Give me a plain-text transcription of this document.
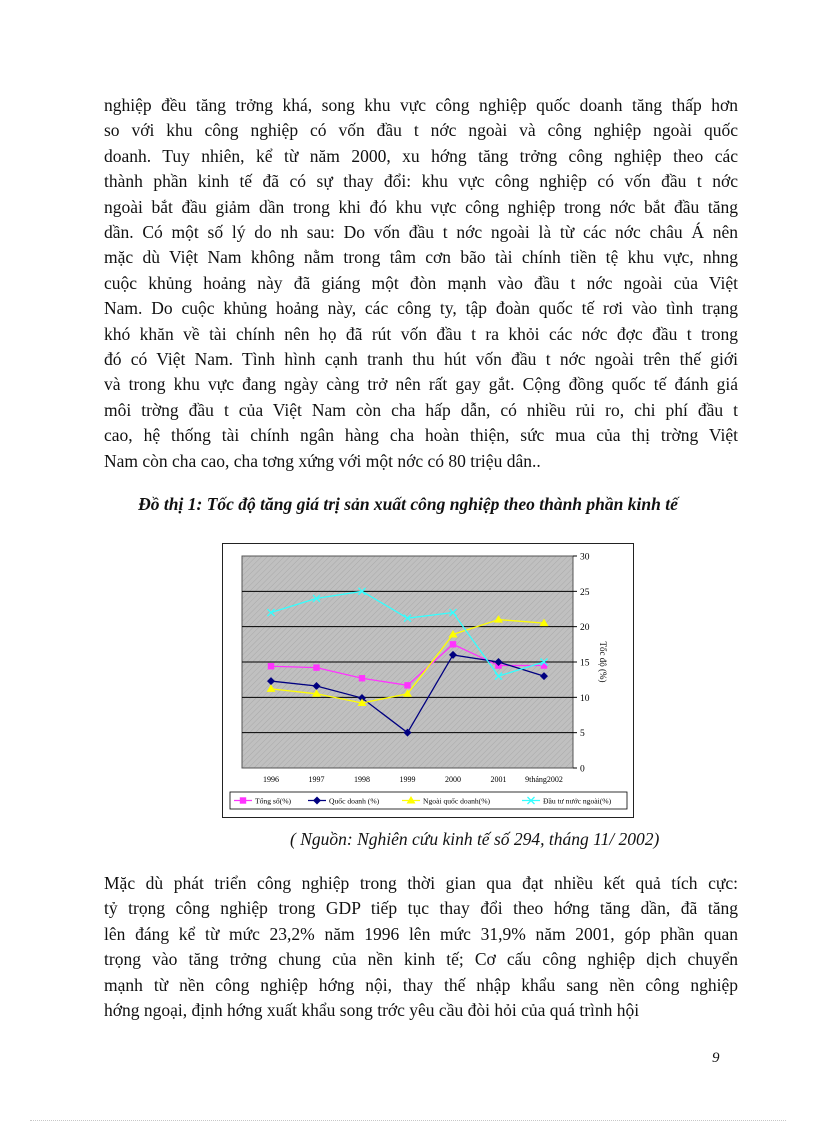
nghiệp đều tăng trởng khá, song khu vực công nghiệp quốc doanh tăng thấp hơn
so với khu công nghiệp có vốn đầu t nớc ngoài và công nghiệp ngoài quốc
doanh. Tuy nhiên, kể từ năm 2000, xu hớng tăng trởng công nghiệp theo các
thành phần kinh tế đã có sự thay đổi: khu vực công nghiệp có vốn đầu t nớc
ngoài bắt đầu giảm dần trong khi đó khu vực công nghiệp trong nớc bắt đầu tăng
dần. Có một số lý do nh sau: Do vốn đầu t nớc ngoài là từ các nớc châu Á nên
mặc dù Việt Nam không nằm trong tâm cơn bão tài chính tiền tệ khu vực, nhng
cuộc khủng hoảng này đã giáng một đòn mạnh vào đầu t nớc ngoài của Việt
Nam. Do cuộc khủng hoảng này, các công ty, tập đoàn quốc tế rơi vào tình trạng
khó khăn về tài chính nên họ đã rút vốn đầu t ra khỏi các nớc đợc đầu t trong
đó có Việt Nam. Tình hình cạnh tranh thu hút vốn đầu t nớc ngoài trên thế giới
và trong khu vực đang ngày càng trở nên rất gay gắt. Cộng đồng quốc tế đánh giá
môi trờng đầu t của Việt Nam còn cha hấp dẫn, có nhiều rủi ro, chi phí đầu t
cao, hệ thống tài chính ngân hàng cha hoàn thiện, sức mua của thị trờng Việt
Nam còn cha cao, cha tơng xứng với một nớc có 80 triệu dân..

Đồ thị 1: Tốc độ tăng giá trị sản xuất công nghiệp theo thành phần kinh tế

0
5
10
15
20
25
30
Tốc độ (%)
1996	1997	1998	1999	2000	2001 9tháng2002
Tổng số(%)	Quốc doanh (%)	Ngoài quốc doanh(%)	Đầu tư nước ngoài(%)

( Nguồn: Nghiên cứu kinh tế số 294, tháng 11/ 2002)

Mặc dù phát triển công nghiệp trong thời gian qua đạt nhiều kết quả tích cực:
tỷ trọng công nghiệp trong GDP tiếp tục thay đổi theo hớng tăng dần, đã tăng
lên đáng kể từ mức 23,2% năm 1996 lên mức 31,9% năm 2001, góp phần quan
trọng vào tăng trởng chung của nền kinh tế; Cơ cấu công nghiệp dịch chuyển
mạnh từ nền công nghiệp hớng nội, thay thế nhập khẩu sang nền công nghiệp
hớng ngoại, định hớng xuất khẩu song trớc yêu cầu đòi hỏi của quá trình hội
9
